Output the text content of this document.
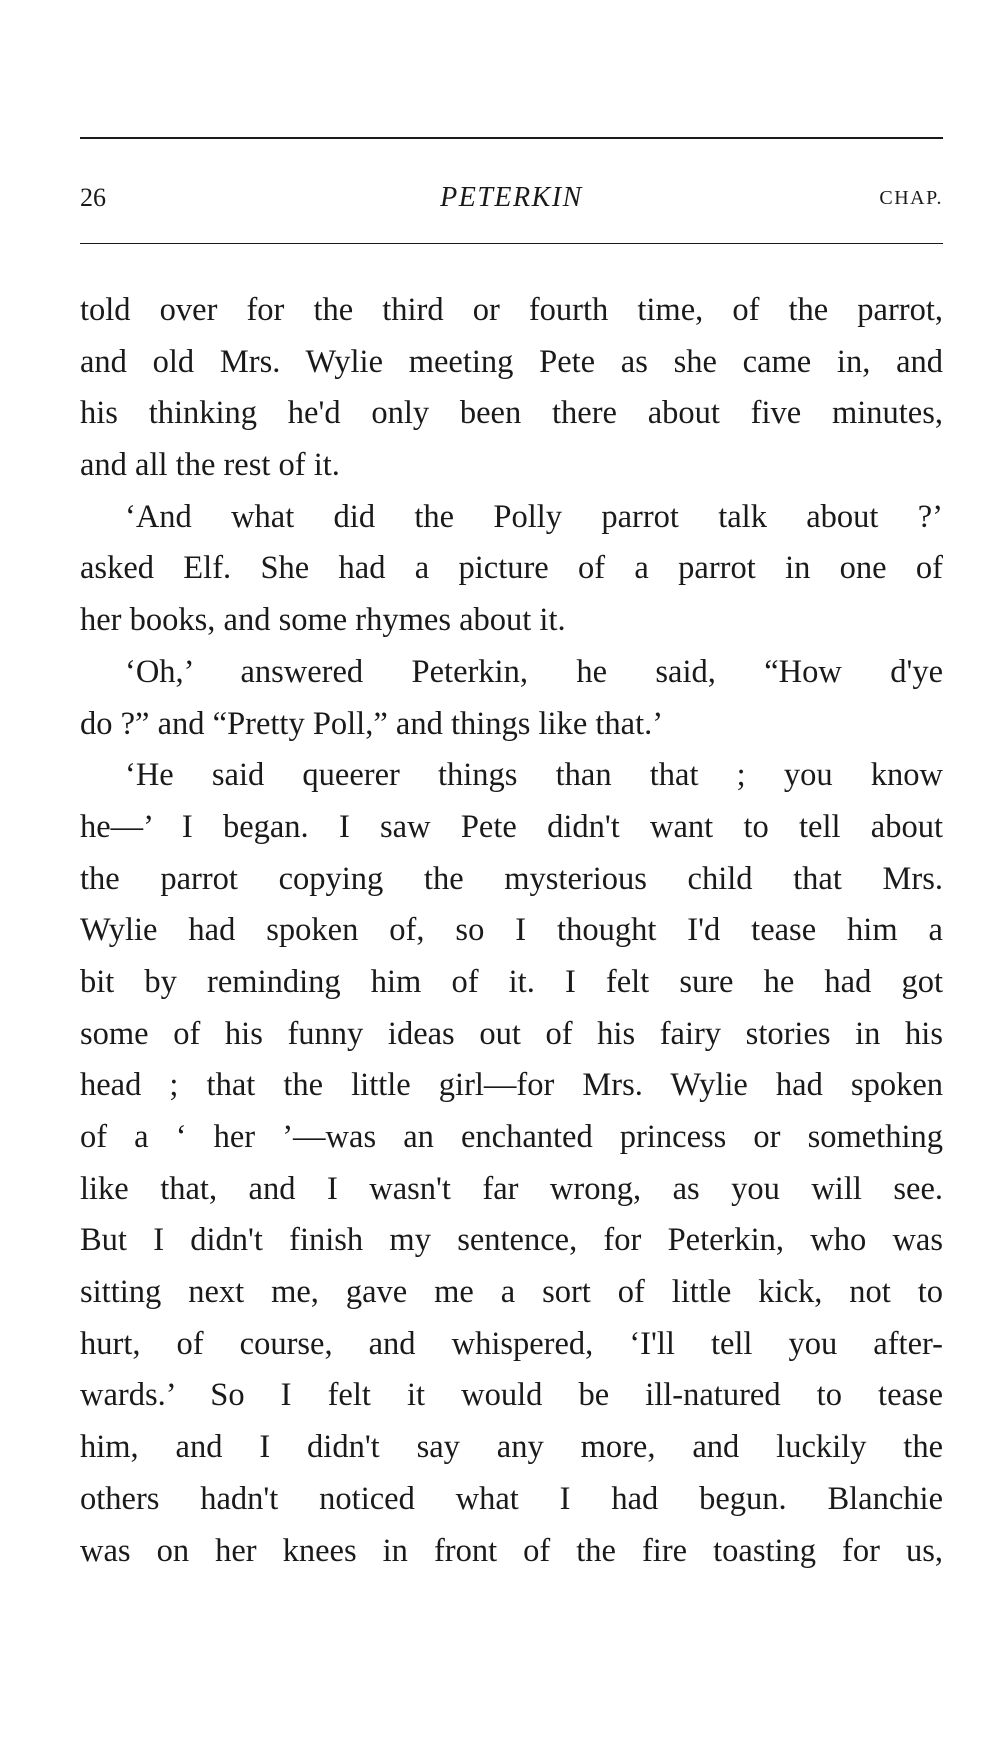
26	PETERKIN	CHAP.
told over for the third or fourth time, of the parrot,
and old Mrs. Wylie meeting Pete as she came in, and
his thinking he'd only been there about five minutes,
and all the rest of it.
‘And what did the Polly parrot talk about ?’
asked Elf. She had a picture of a parrot in one of
her books, and some rhymes about it.
‘Oh,’ answered Peterkin, he said, “How d'ye
do ?” and “Pretty Poll,” and things like that.’
‘He said queerer things than that ; you know
he—’ I began. I saw Pete didn't want to tell about
the parrot copying the mysterious child that Mrs.
Wylie had spoken of, so I thought I'd tease him a
bit by reminding him of it. I felt sure he had got
some of his funny ideas out of his fairy stories in his
head ; that the little girl—for Mrs. Wylie had spoken
of a ‘ her ’—was an enchanted princess or something
like that, and I wasn't far wrong, as you will see.
But I didn't finish my sentence, for Peterkin, who was
sitting next me, gave me a sort of little kick, not to
hurt, of course, and whispered, ‘I'll tell you after-
wards.’ So I felt it would be ill-natured to tease
him, and I didn't say any more, and luckily the
others hadn't noticed what I had begun. Blanchie
was on her knees in front of the fire toasting for us,
